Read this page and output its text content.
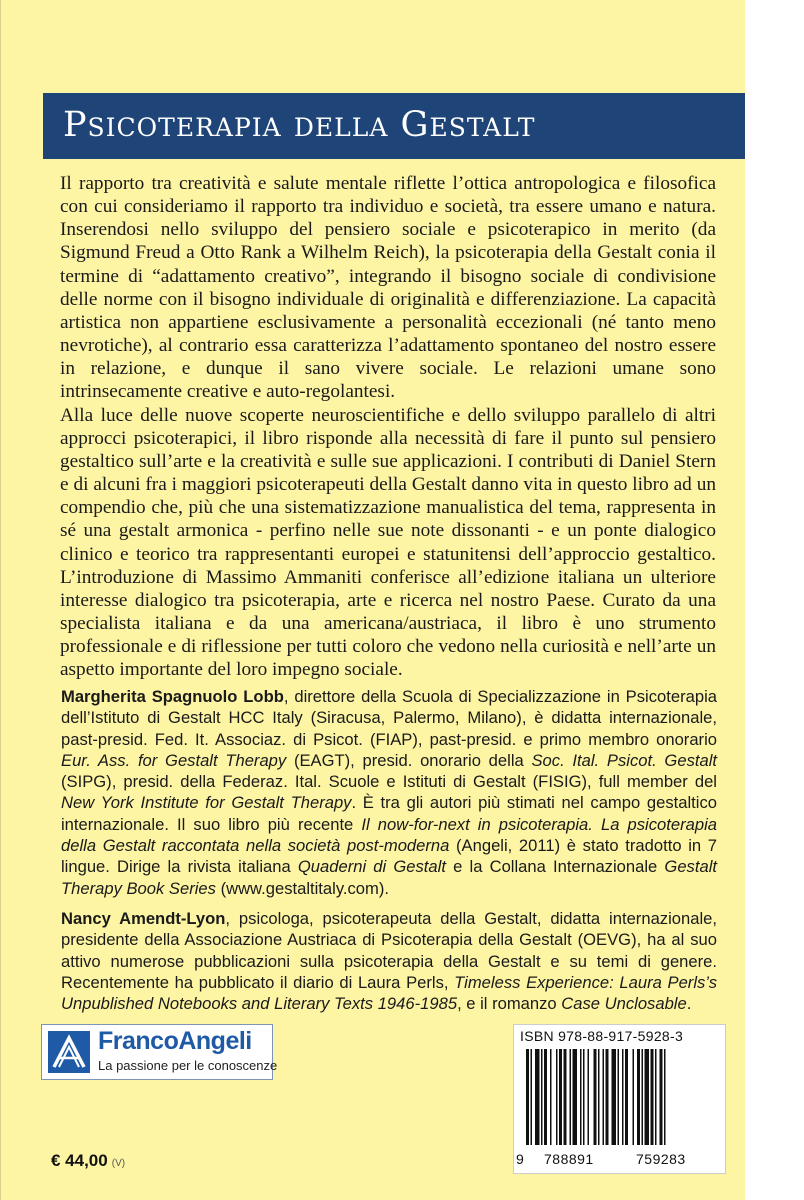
Psicoterapia della Gestalt

Il rapporto tra creatività e salute mentale riflette l’ottica antropologica e filosofica con cui consideriamo il rapporto tra individuo e società, tra essere umano e natura. Inserendosi nello sviluppo del pensiero sociale e psicoterapico in merito (da Sigmund Freud a Otto Rank a Wilhelm Reich), la psicoterapia della Gestalt conia il termine di “adattamento creativo”, integrando il bisogno sociale di condivisione delle norme con il bisogno individuale di originalità e differenziazione. La capacità artistica non appartiene esclusivamente a personalità eccezionali (né tanto meno nevrotiche), al contrario essa caratterizza l’adattamento spontaneo del nostro essere in relazione, e dunque il sano vivere sociale. Le relazioni umane sono intrinsecamente creative e auto-regolantesi.

Alla luce delle nuove scoperte neuroscientifiche e dello sviluppo parallelo di altri approcci psicoterapici, il libro risponde alla necessità di fare il punto sul pensiero gestaltico sull’arte e la creatività e sulle sue applicazioni. I contributi di Daniel Stern e di alcuni fra i maggiori psicoterapeuti della Gestalt danno vita in questo libro ad un compendio che, più che una sistematizzazione manualistica del tema, rappresenta in sé una gestalt armonica - perfino nelle sue note dissonanti - e un ponte dialogico clinico e teorico tra rappresentanti europei e statunitensi dell’approccio gestaltico. L’introduzione di Massimo Ammaniti conferisce all’edizione italiana un ulteriore interesse dialogico tra psicoterapia, arte e ricerca nel nostro Paese. Curato da una specialista italiana e da una americana/austriaca, il libro è uno strumento professionale e di riflessione per tutti coloro che vedono nella curiosità e nell’arte un aspetto importante del loro impegno sociale.

Margherita Spagnuolo Lobb, direttore della Scuola di Specializzazione in Psicoterapia dell’Istituto di Gestalt HCC Italy (Siracusa, Palermo, Milano), è didatta internazionale, past-presid. Fed. It. Associaz. di Psicot. (FIAP), past-presid. e primo membro onorario Eur. Ass. for Gestalt Therapy (EAGT), presid. onorario della Soc. Ital. Psicot. Gestalt (SIPG), presid. della Federaz. Ital. Scuole e Istituti di Gestalt (FISIG), full member del New York Institute for Gestalt Therapy. È tra gli autori più stimati nel campo gestaltico internazionale. Il suo libro più recente Il now-for-next in psicoterapia. La psicoterapia della Gestalt raccontata nella società post-moderna (Angeli, 2011) è stato tradotto in 7 lingue. Dirige la rivista italiana Quaderni di Gestalt e la Collana Internazionale Gestalt Therapy Book Series (www.gestaltitaly.com).

Nancy Amendt-Lyon, psicologa, psicoterapeuta della Gestalt, didatta internazionale, presidente della Associazione Austriaca di Psicoterapia della Gestalt (OEVG), ha al suo attivo numerose pubblicazioni sulla psicoterapia della Gestalt e su temi di genere. Recentemente ha pubblicato il diario di Laura Perls, Timeless Experience: Laura Perls’s Unpublished Notebooks and Literary Texts 1946-1985, e il romanzo Case Unclosable.

FrancoAngeli
La passione per le conoscenze
€ 44,00 (V)
ISBN 978-88-917-5928-3
9 788891	759283
